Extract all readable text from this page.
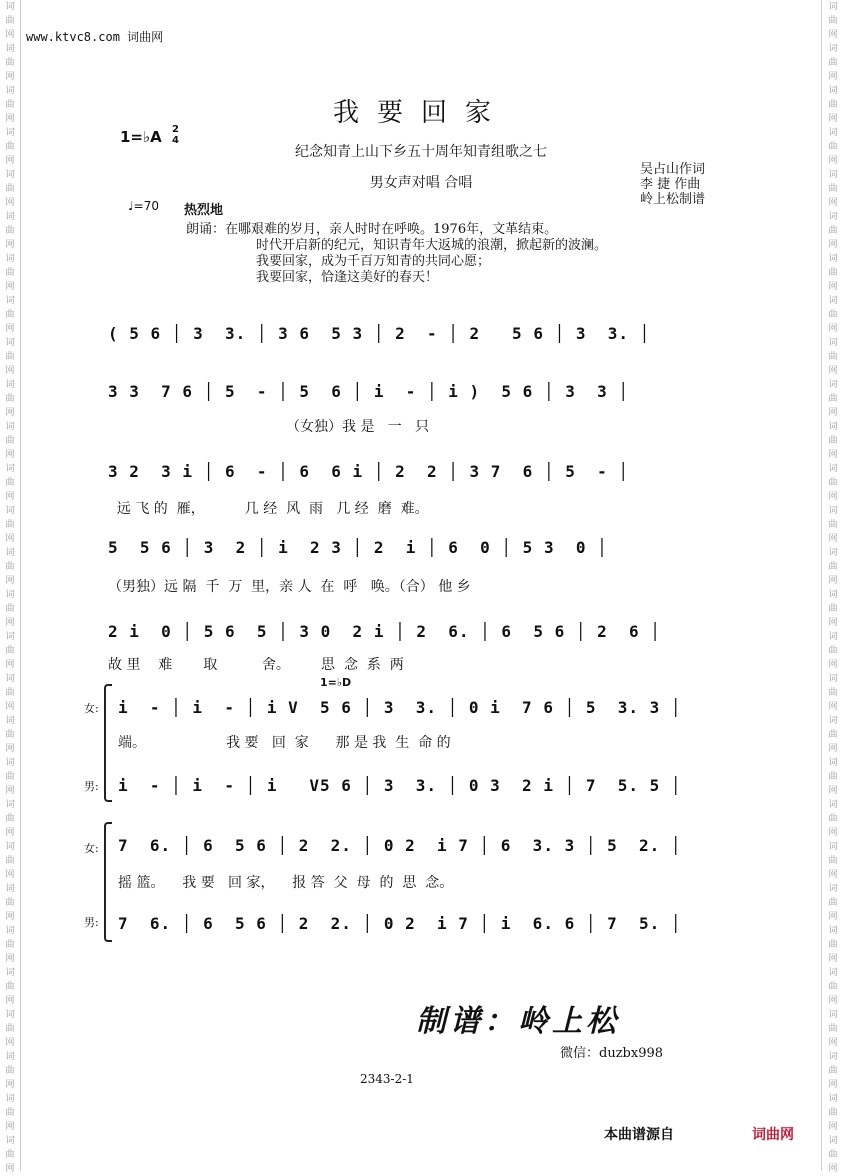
词曲网词曲网词曲网词曲网词曲网词曲网词曲网词曲网词曲网词曲网词曲网词曲网词曲网词曲网词曲网词曲网词曲网词曲网词曲网词曲网词曲网词曲网词曲网词曲网词曲网词曲网词曲网词曲网
词曲网词曲网词曲网词曲网词曲网词曲网词曲网词曲网词曲网词曲网词曲网词曲网词曲网词曲网词曲网词曲网词曲网词曲网词曲网词曲网词曲网词曲网词曲网词曲网词曲网词曲网词曲网词曲网
www.ktvc8.com 词曲网
我要回家
纪念知青上山下乡五十周年知青组歌之七
男女声对唱 合唱
1=♭A 2
4
♩=70 热烈地
吴占山作词
李 捷 作曲
岭上松制谱
朗诵：在哪艰难的岁月，亲人时时在呼唤。1976年，文革结束。
时代开启新的纪元，知识青年大返城的浪潮，掀起新的波澜。
我要回家，成为千百万知青的共同心愿；
我要回家，恰逢这美好的春天！
( 5 6 │ 3  3. │ 3 6  5 3 │ 2  - │ 2   5 6 │ 3  3. │
3 3  7 6 │ 5  - │ 5  6 │ i  - │ i )  5 6 │ 3  3 │
（女独）我 是   一   只
3 2  3 i │ 6  - │ 6  6 i │ 2  2 │ 3 7  6 │ 5  - │
远 飞 的  雁，         几 经  风  雨   几 经  磨  难。
5  5 6 │ 3  2 │ i  2 3 │ 2  i │ 6  0 │ 5 3  0 │
（男独）远 隔  千  万  里，亲 人  在  呼   唤。（合） 他 乡
2 i  0 │ 5 6  5 │ 3 0  2 i │ 2  6. │ 6  5 6 │ 2  6 │
故 里    难       取          舍。       思  念  系  两
1=♭D
女:
男:
i  - │ i  - │ i V  5 6 │ 3  3. │ 0 i  7 6 │ 5  3. 3 │
端。                  我 要   回  家      那 是 我  生  命 的
i  - │ i  - │ i   V5 6 │ 3  3. │ 0 3  2 i │ 7  5. 5 │
女:
男:
7  6. │ 6  5 6 │ 2  2. │ 0 2  i 7 │ 6  3. 3 │ 5  2. │
摇 篮。    我 要   回 家，    报 答  父  母  的  思  念。
7  6. │ 6  5 6 │ 2  2. │ 0 2  i 7 │ i  6. 6 │ 7  5. │
制谱：岭上松
微信：duzbx998
2343-2-1
本曲谱源自	词曲网
